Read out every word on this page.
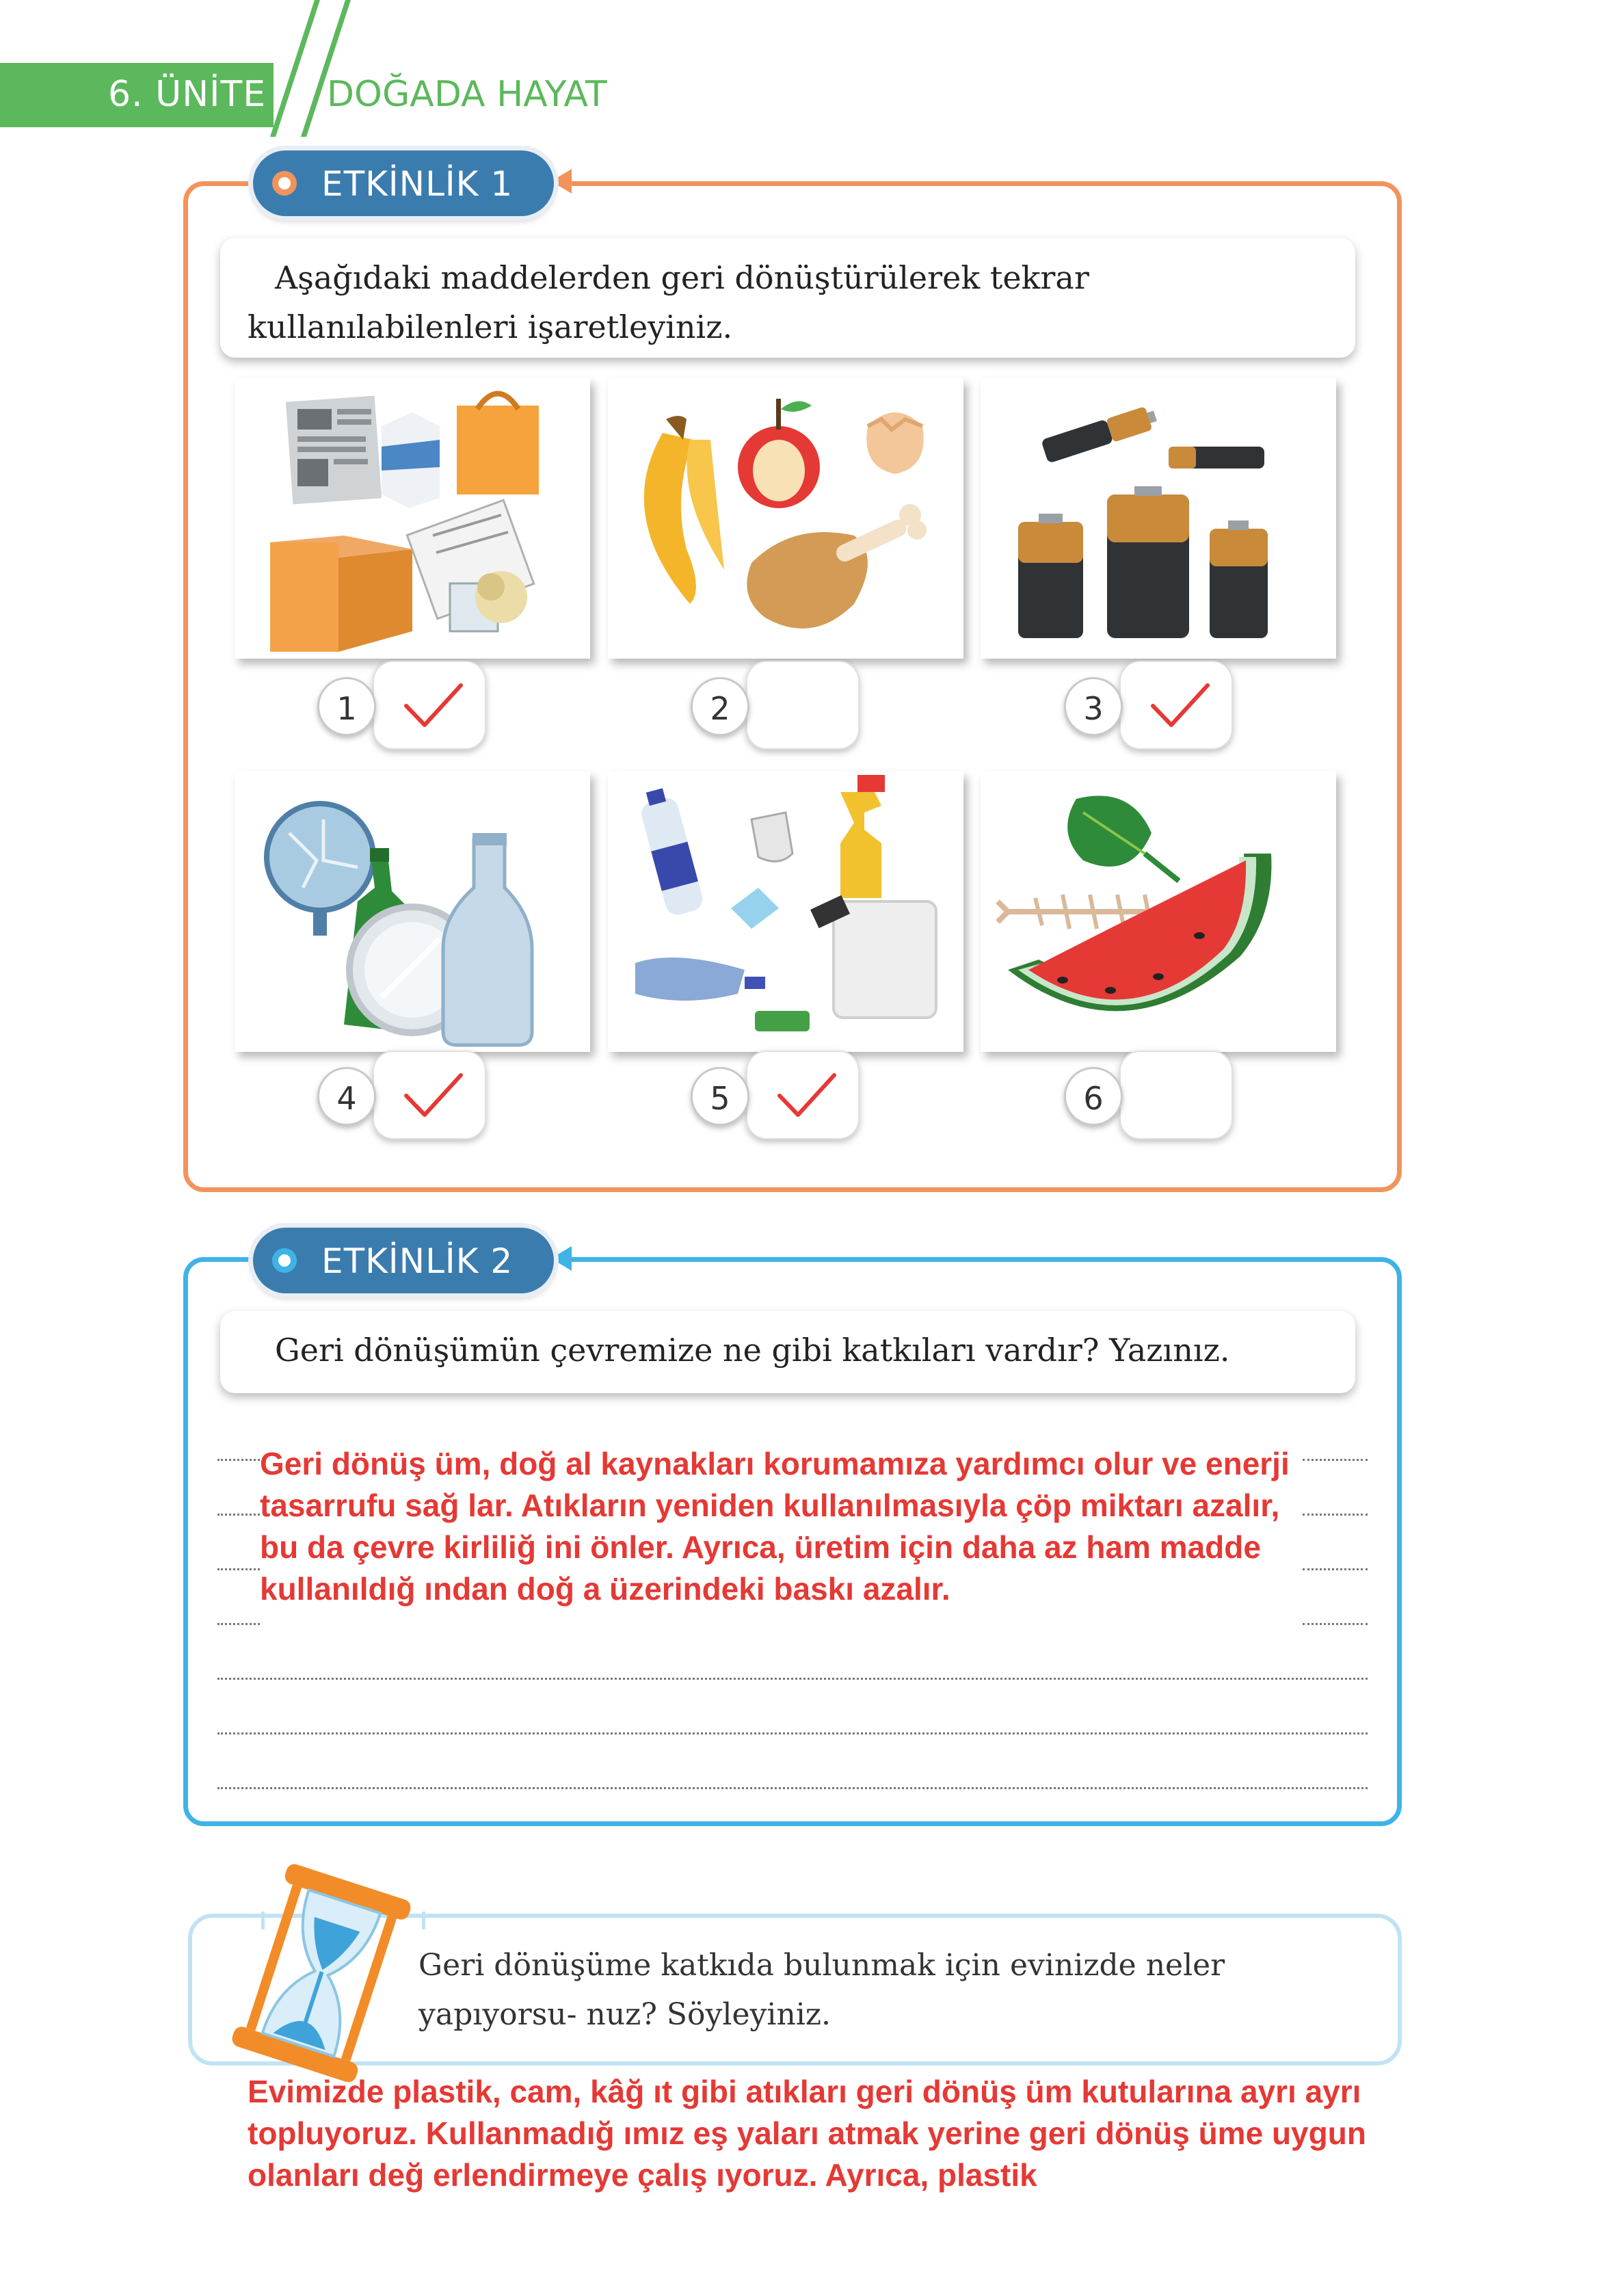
6. ÜNİTE DOĞADA HAYAT
ETKİNLİK 1
Aşağıdaki maddelerden geri dönüştürülerek tekrar kullanılabilenleri işaretleyiniz.
1	2	3
4	5	6
ETKİNLİK 2
Geri dönüşümün çevremize ne gibi katkıları vardır? Yazınız.
Geri dönüş üm, doğ al kaynakları korumamıza yardımcı olur ve enerji tasarrufu sağ lar. Atıkların yeniden kullanılmasıyla çöp miktarı azalır, bu da çevre kirliliğ ini önler. Ayrıca, üretim için daha az ham madde kullanıldığ ından doğ a üzerindeki baskı azalır.
Geri dönüşüme katkıda bulunmak için evinizde neler yapıyorsu- nuz? Söyleyiniz.
Evimizde plastik, cam, kâğ ıt gibi atıkları geri dönüş üm kutularına ayrı ayrı topluyoruz. Kullanmadığ ımız eş yaları atmak yerine geri dönüş üme uygun olanları değ erlendirmeye çalış ıyoruz. Ayrıca, plastik
